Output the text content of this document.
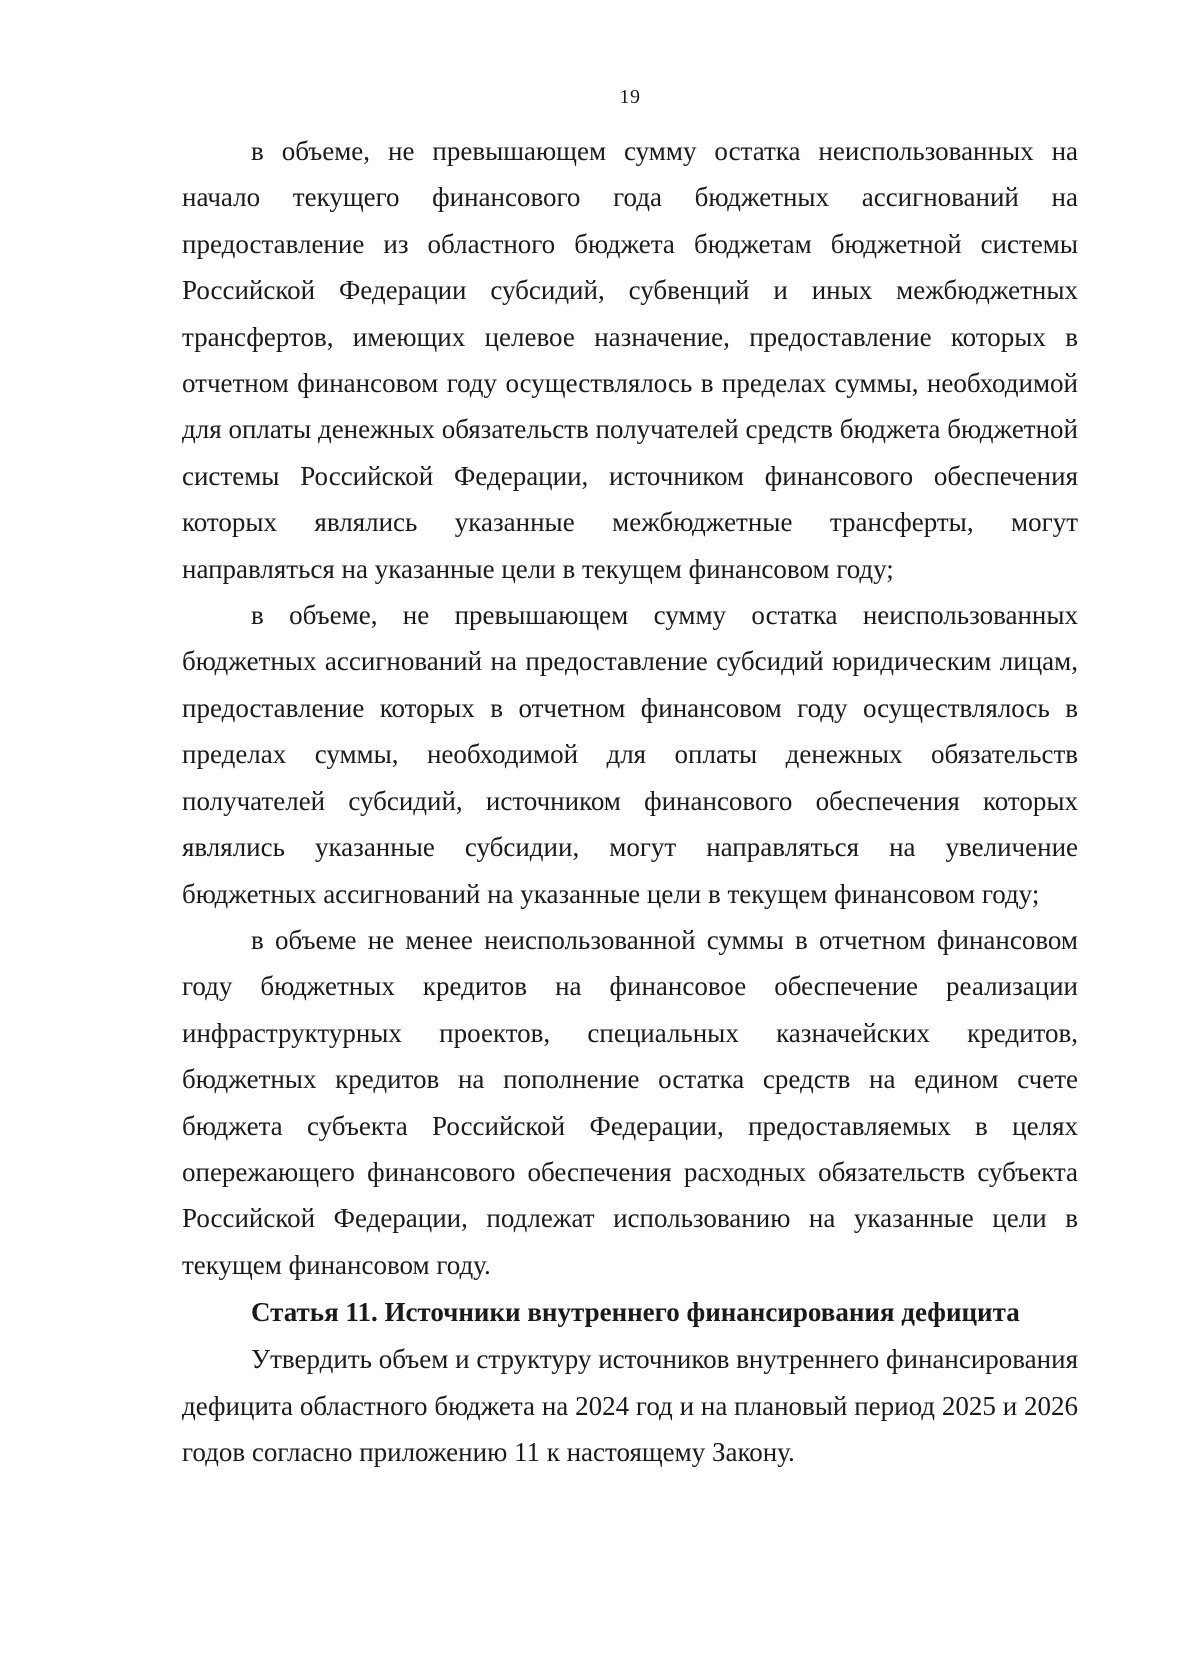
19

в объеме, не превышающем сумму остатка неиспользованных на начало текущего финансового года бюджетных ассигнований на предоставление из областного бюджета бюджетам бюджетной системы Российской Федерации субсидий, субвенций и иных межбюджетных трансфертов, имеющих целевое назначение, предоставление которых в отчетном финансовом году осуществлялось в пределах суммы, необходимой для оплаты денежных обязательств получателей средств бюджета бюджетной системы Российской Федерации, источником финансового обеспечения которых являлись указанные межбюджетные трансферты, могут направляться на указанные цели в текущем финансовом году;

в объеме, не превышающем сумму остатка неиспользованных бюджетных ассигнований на предоставление субсидий юридическим лицам, предоставление которых в отчетном финансовом году осуществлялось в пределах суммы, необходимой для оплаты денежных обязательств получателей субсидий, источником финансового обеспечения которых являлись указанные субсидии, могут направляться на увеличение бюджетных ассигнований на указанные цели в текущем финансовом году;

в объеме не менее неиспользованной суммы в отчетном финансовом году бюджетных кредитов на финансовое обеспечение реализации инфраструктурных проектов, специальных казначейских кредитов, бюджетных кредитов на пополнение остатка средств на едином счете бюджета субъекта Российской Федерации, предоставляемых в целях опережающего финансового обеспечения расходных обязательств субъекта Российской Федерации, подлежат использованию на указанные цели в текущем финансовом году.

Статья 11. Источники внутреннего финансирования дефицита

Утвердить объем и структуру источников внутреннего финансирования дефицита областного бюджета на 2024 год и на плановый период 2025 и 2026 годов согласно приложению 11 к настоящему Закону.
